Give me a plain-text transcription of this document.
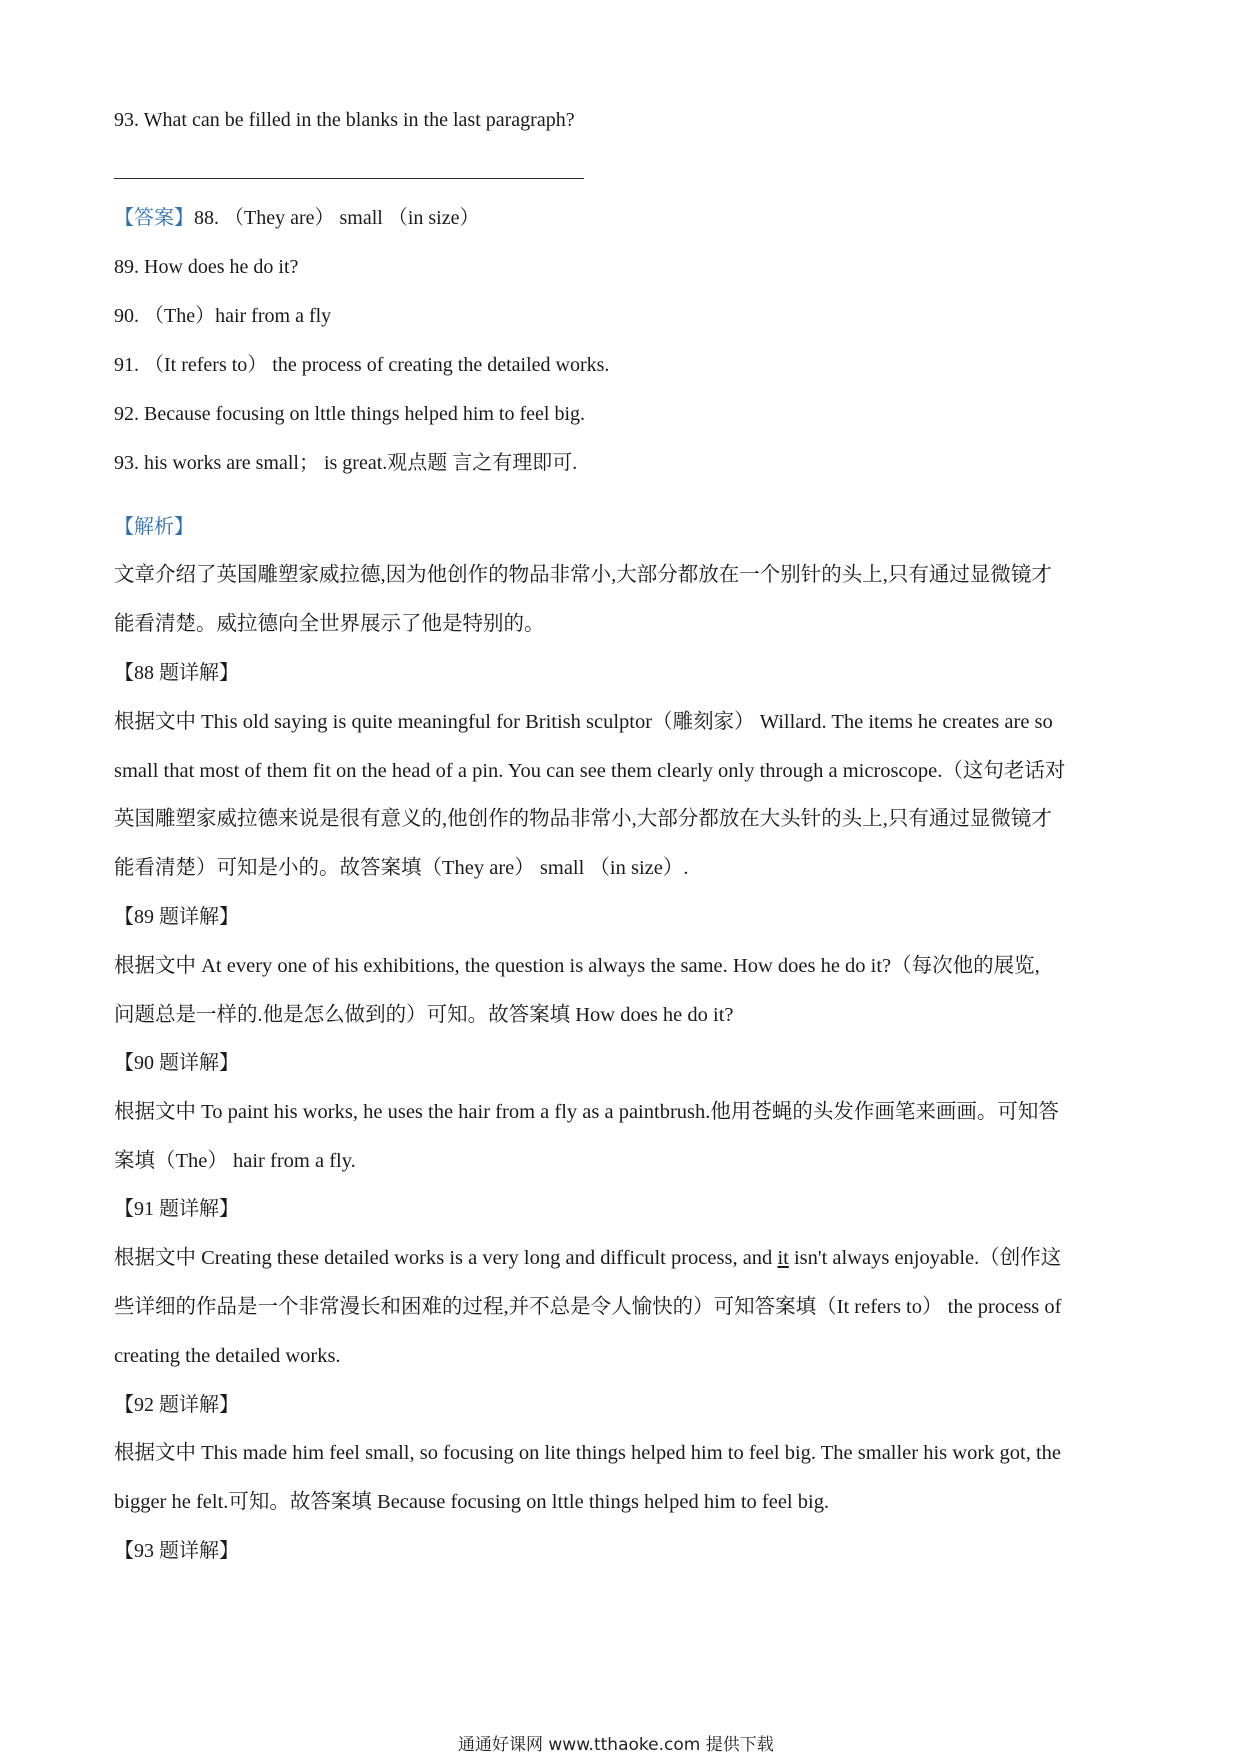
93. What can be filled in the blanks in the last paragraph?
【答案】88. （They are） small （in size）
89. How does he do it?
90. （The）hair from a fly
91. （It refers to） the process of creating the detailed works.
92. Because focusing on lttle things helped him to feel big.
93. his works are small； is great.观点题 言之有理即可.
【解析】
文章介绍了英国雕塑家威拉德,因为他创作的物品非常小,大部分都放在一个别针的头上,只有通过显微镜才
能看清楚。威拉德向全世界展示了他是特别的。
【88 题详解】
根据文中 This old saying is quite meaningful for British sculptor（雕刻家） Willard. The items he creates are so
small that most of them fit on the head of a pin. You can see them clearly only through a microscope.（这句老话对
英国雕塑家威拉德来说是很有意义的,他创作的物品非常小,大部分都放在大头针的头上,只有通过显微镜才
能看清楚）可知是小的。故答案填（They are） small （in size）.
【89 题详解】
根据文中 At every one of his exhibitions, the question is always the same. How does he do it?（每次他的展览,
问题总是一样的.他是怎么做到的）可知。故答案填 How does he do it?
【90 题详解】
根据文中 To paint his works, he uses the hair from a fly as a paintbrush.他用苍蝇的头发作画笔来画画。可知答
案填（The） hair from a fly.
【91 题详解】
根据文中 Creating these detailed works is a very long and difficult process, and it isn't always enjoyable.（创作这
些详细的作品是一个非常漫长和困难的过程,并不总是令人愉快的）可知答案填（It refers to） the process of
creating the detailed works.
【92 题详解】
根据文中 This made him feel small, so focusing on lite things helped him to feel big. The smaller his work got, the
bigger he felt.可知。故答案填 Because focusing on lttle things helped him to feel big.
【93 题详解】
通通好课网 www.tthaoke.com 提供下载
